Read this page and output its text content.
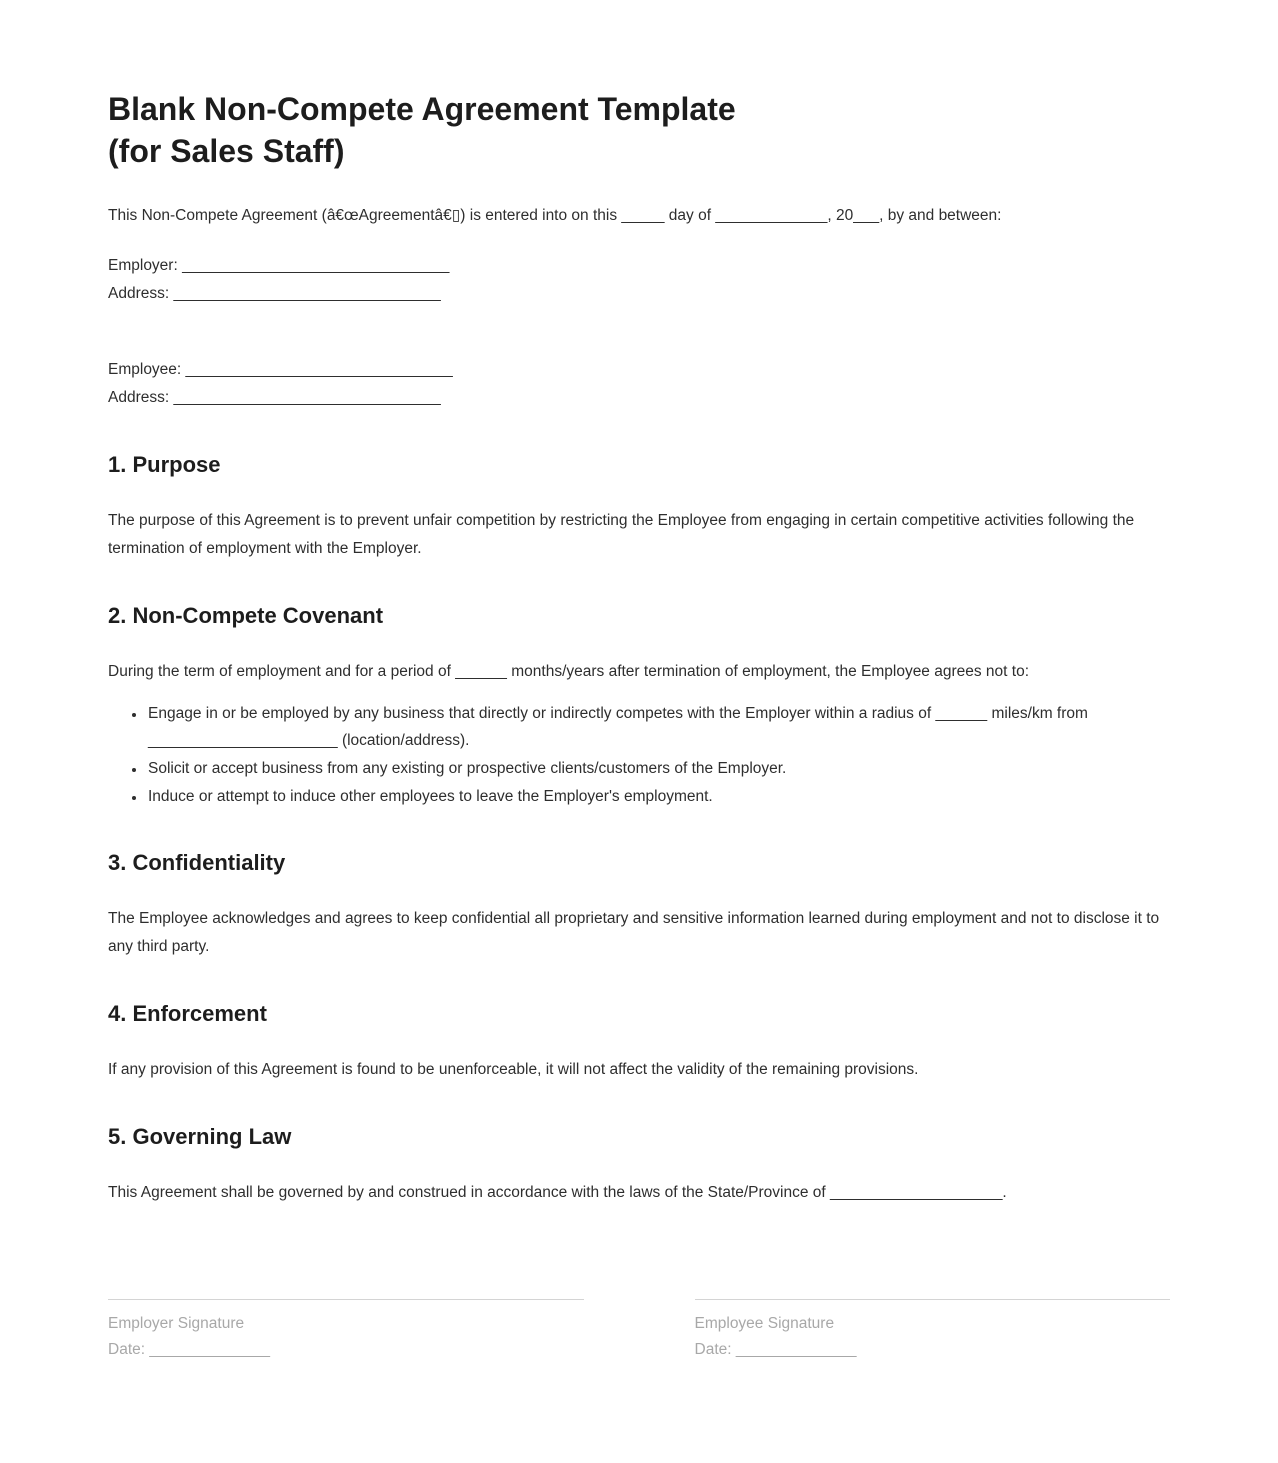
Blank Non-Compete Agreement Template
(for Sales Staff)

This Non-Compete Agreement (â€œAgreementâ€▯) is entered into on this _____ day of _____________, 20___, by and between:

Employer: _______________________________

Address: _______________________________

Employee: _______________________________

Address: _______________________________

1. Purpose

The purpose of this Agreement is to prevent unfair competition by restricting the Employee from engaging in certain competitive activities following the termination of employment with the Employer.

2. Non-Compete Covenant

During the term of employment and for a period of ______ months/years after termination of employment, the Employee agrees not to:

• Engage in or be employed by any business that directly or indirectly competes with the Employer within a radius of ______ miles/km from ______________________ (location/address).
• Solicit or accept business from any existing or prospective clients/customers of the Employer.
• Induce or attempt to induce other employees to leave the Employer's employment.
3. Confidentiality

The Employee acknowledges and agrees to keep confidential all proprietary and sensitive information learned during employment and not to disclose it to any third party.

4. Enforcement

If any provision of this Agreement is found to be unenforceable, it will not affect the validity of the remaining provisions.

5. Governing Law

This Agreement shall be governed by and construed in accordance with the laws of the State/Province of ____________________.

Employer Signature

Date: ______________

Employee Signature

Date: ______________
